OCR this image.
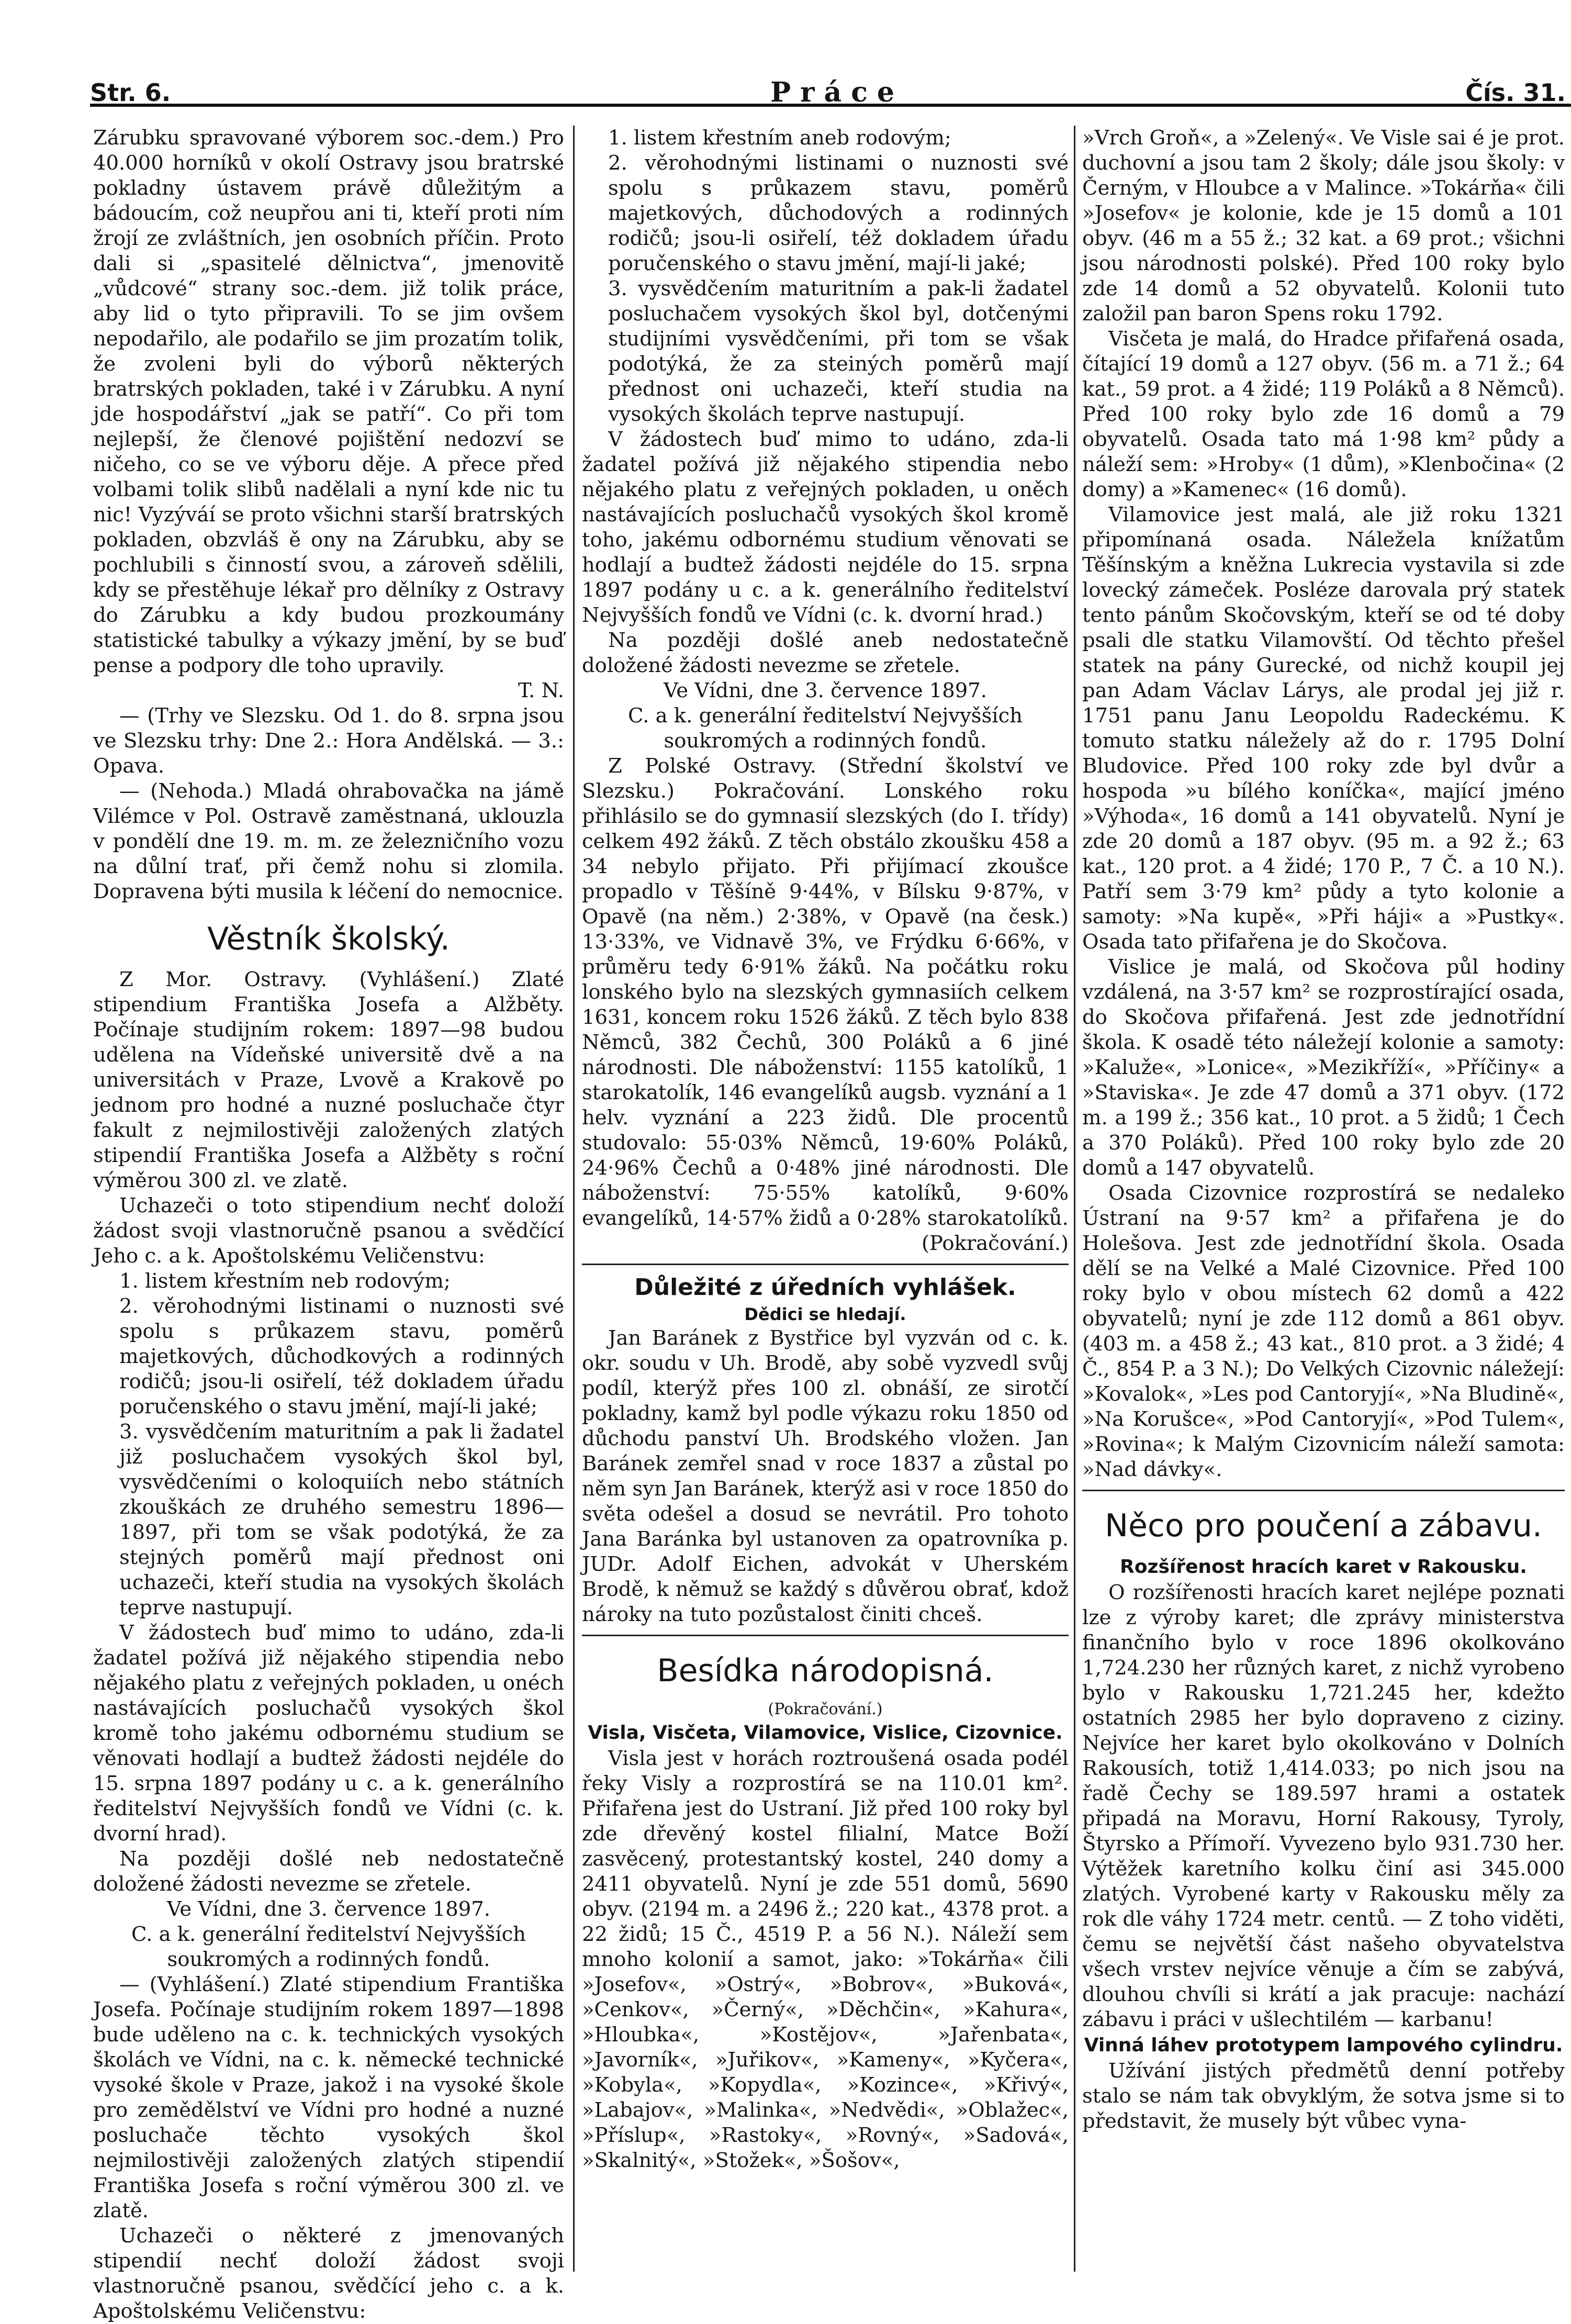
Str. 6.	Práce	Čís. 31.

Zárubku spravované výborem soc.-dem.) Pro 40.000 horníků v okolí Ostravy jsou bratrské pokladny ústavem právě důležitým a bádoucím, což neupřou ani ti, kteří proti ním žrojí ze zvláštních, jen osobních příčin. Proto dali si „spasitelé dělnictva“, jmenovitě „vůdcové“ strany soc.-dem. již tolik práce, aby lid o tyto připravili. To se jim ovšem nepodařilo, ale podařilo se jim prozatím tolik, že zvoleni byli do výborů některých bratrských pokladen, také i v Zárubku. A nyní jde hospodářství „jak se patří“. Co při tom nejlepší, že členové pojištění nedozví se ničeho, co se ve výboru děje. A přece před volbami tolik slibů nadělali a nyní kde nic tu nic! Vyzýváí se proto všichni starší bratrských pokladen, obzvláš ě ony na Zárubku, aby se pochlubili s činností svou, a zároveň sdělili, kdy se přestěhuje lékař pro dělníky z Ostravy do Zárubku a kdy budou prozkoumány statistické tabulky a výkazy jmění, by se buď pense a podpory dle toho upravily.

T. N.

— (Trhy ve Slezsku. Od 1. do 8. srpna jsou ve Slezsku trhy: Dne 2.: Hora Andělská. — 3.: Opava.

— (Nehoda.) Mladá ohrabovačka na jámě Vilémce v Pol. Ostravě zaměstnaná, uklouzla v pondělí dne 19. m. m. ze železničního vozu na důlní trať, při čemž nohu si zlomila. Dopravena býti musila k léčení do nemocnice.

Věstník školský.

Z Mor. Ostravy. (Vyhlášení.) Zlaté stipendium Františka Josefa a Alžběty. Počínaje studijním rokem: 1897—98 budou udělena na Vídeňské universitě dvě a na universitách v Praze, Lvově a Krakově po jednom pro hodné a nuzné posluchače čtyr fakult z nejmilostivěji založených zlatých stipendií Františka Josefa a Alžběty s roční výměrou 300 zl. ve zlatě.

Uchazeči o toto stipendium nechť doloží žádost svoji vlastnoručně psanou a svědčící Jeho c. a k. Apoštolskému Veličenstvu:

1. listem křestním neb rodovým;
2. věrohodnými listinami o nuznosti své spolu s průkazem stavu, poměrů majetkových, důchodkových a rodinných rodičů; jsou-li osiřelí, též dokladem úřadu poručenského o stavu jmění, mají-li jaké;
3. vysvědčením maturitním a pak li žadatel již posluchačem vysokých škol byl, vysvědčeními o koloquiích nebo státních zkouškách ze druhého semestru 1896—1897, při tom se však podotýká, že za stejných poměrů mají přednost oni uchazeči, kteří studia na vysokých školách teprve nastupují.

V žádostech buď mimo to udáno, zda-li žadatel požívá již nějakého stipendia nebo nějakého platu z veřejných pokladen, u onéch nastávajících posluchačů vysokých škol kromě toho jakému odbornému studium se věnovati hodlají a budtež žádosti nejdéle do 15. srpna 1897 podány u c. a k. generálního ředitelství Nejvyšších fondů ve Vídni (c. k. dvorní hrad).

Na později došlé neb nedostatečně doložené žádosti nevezme se zřetele.

Ve Vídni, dne 3. července 1897.

C. a k. generální ředitelství Nejvyšších soukromých a rodinných fondů.

— (Vyhlášení.) Zlaté stipendium Františka Josefa. Počínaje studijním rokem 1897—1898 bude uděleno na c. k. technických vysokých školách ve Vídni, na c. k. německé technické vysoké škole v Praze, jakož i na vysoké škole pro zemědělství ve Vídni pro hodné a nuzné posluchače těchto vysokých škol nejmilostivěji založených zlatých stipendií Františka Josefa s roční výměrou 300 zl. ve zlatě.

Uchazeči o některé z jmenovaných stipendií nechť doloží žádost svoji vlastnoručně psanou, svědčící jeho c. a k. Apoštolskému Veličenstvu:

1. listem křestním aneb rodovým;
2. věrohodnými listinami o nuznosti své spolu s průkazem stavu, poměrů majetkových, důchodových a rodinných rodičů; jsou-li osiřelí, též dokladem úřadu poručenského o stavu jmění, mají-li jaké;
3. vysvědčením maturitním a pak-li žadatel posluchačem vysokých škol byl, dotčenými studijními vysvědčeními, při tom se však podotýká, že za steiných poměrů mají přednost oni uchazeči, kteří studia na vysokých školách teprve nastupují.

V žádostech buď mimo to udáno, zda-li žadatel požívá již nějakého stipendia nebo nějakého platu z veřejných pokladen, u oněch nastávajících posluchačů vysokých škol kromě toho, jakému odbornému studium věnovati se hodlají a budtež žádosti nejdéle do 15. srpna 1897 podány u c. a k. generálního ředitelství Nejvyšších fondů ve Vídni (c. k. dvorní hrad.)

Na později došlé aneb nedostatečně doložené žádosti nevezme se zřetele.

Ve Vídni, dne 3. července 1897.

C. a k. generální ředitelství Nejvyšších soukromých a rodinných fondů.

Z Polské Ostravy. (Střední školství ve Slezsku.) Pokračování. Lonského roku přihlásilo se do gymnasií slezských (do I. třídy) celkem 492 žáků. Z těch obstálo zkoušku 458 a 34 nebylo přijato. Při přijímací zkoušce propadlo v Těšíně 9·44%, v Bílsku 9·87%, v Opavě (na něm.) 2·38%, v Opavě (na česk.) 13·33%, ve Vidnavě 3%, ve Frýdku 6·66%, v průměru tedy 6·91% žáků. Na počátku roku lonského bylo na slezských gymnasiích celkem 1631, koncem roku 1526 žáků. Z těch bylo 838 Němců, 382 Čechů, 300 Poláků a 6 jiné národnosti. Dle náboženství: 1155 katolíků, 1 starokatolík, 146 evangelíků augsb. vyznání a 1 helv. vyznání a 223 židů. Dle procentů studovalo: 55·03% Němců, 19·60% Poláků, 24·96% Čechů a 0·48% jiné národnosti. Dle náboženství: 75·55% katolíků, 9·60% evangelíků, 14·57% židů a 0·28% starokatolíků.

(Pokračování.)

Důležité z úředních vyhlášek.
Dědici se hledají.

Jan Baránek z Bystřice byl vyzván od c. k. okr. soudu v Uh. Brodě, aby sobě vyzvedl svůj podíl, kterýž přes 100 zl. obnáší, ze sirotčí pokladny, kamž byl podle výkazu roku 1850 od důchodu panství Uh. Brodského vložen. Jan Baránek zemřel snad v roce 1837 a zůstal po něm syn Jan Baránek, kterýž asi v roce 1850 do světa odešel a dosud se nevrátil. Pro tohoto Jana Baránka byl ustanoven za opatrovníka p. JUDr. Adolf Eichen, advokát v Uherském Brodě, k němuž se každý s důvěrou obrať, kdož nároky na tuto pozůstalost činiti chceš.

Besídka národopisná.
(Pokračování.)
Visla, Visčeta, Vilamovice, Vislice, Cizovnice.

Visla jest v horách roztroušená osada podél řeky Visly a rozprostírá se na 110.01 km². Přifařena jest do Ustraní. Již před 100 roky byl zde dřevěný kostel filialní, Matce Boží zasvěcený, protestantský kostel, 240 domy a 2411 obyvatelů. Nyní je zde 551 domů, 5690 obyv. (2194 m. a 2496 ž.; 220 kat., 4378 prot. a 22 židů; 15 Č., 4519 P. a 56 N.). Náleží sem mnoho kolonií a samot, jako: »Tokárňa« čili »Josefov«, »Ostrý«, »Bobrov«, »Buková«, »Cenkov«, »Černý«, »Děchčin«, »Kahura«, »Hloubka«, »Kostějov«, »Jařenbata«, »Javorník«, »Juřikov«, »Kameny«, »Kyčera«, »Kobyla«, »Kopydla«, »Kozince«, »Křivý«, »Labajov«, »Malinka«, »Nedvědi«, »Oblažec«, »Příslup«, »Rastoky«, »Rovný«, »Sadová«, »Skalnitý«, »Stožek«, »Šošov«,

»Vrch Groň«, a »Zelený«. Ve Visle sai é je prot. duchovní a jsou tam 2 školy; dále jsou školy: v Černým, v Hloubce a v Malince. »Tokárňa« čili »Josefov« je kolonie, kde je 15 domů a 101 obyv. (46 m a 55 ž.; 32 kat. a 69 prot.; všichni jsou národnosti polské). Před 100 roky bylo zde 14 domů a 52 obyvatelů. Kolonii tuto založil pan baron Spens roku 1792.

Visčeta je malá, do Hradce přifařená osada, čítající 19 domů a 127 obyv. (56 m. a 71 ž.; 64 kat., 59 prot. a 4 židé; 119 Poláků a 8 Němců). Před 100 roky bylo zde 16 domů a 79 obyvatelů. Osada tato má 1·98 km² půdy a náleží sem: »Hroby« (1 dům), »Klenbočina« (2 domy) a »Kamenec« (16 domů).

Vilamovice jest malá, ale již roku 1321 připomínaná osada. Náležela knížatům Těšínským a kněžna Lukrecia vystavila si zde lovecký zámeček. Posléze darovala prý statek tento pánům Skočovským, kteří se od té doby psali dle statku Vilamovští. Od těchto přešel statek na pány Gurecké, od nichž koupil jej pan Adam Václav Lárys, ale prodal jej již r. 1751 panu Janu Leopoldu Radeckému. K tomuto statku náležely až do r. 1795 Dolní Bludovice. Před 100 roky zde byl dvůr a hospoda »u bílého koníčka«, mající jméno »Výhoda«, 16 domů a 141 obyvatelů. Nyní je zde 20 domů a 187 obyv. (95 m. a 92 ž.; 63 kat., 120 prot. a 4 židé; 170 P., 7 Č. a 10 N.). Patří sem 3·79 km² půdy a tyto kolonie a samoty: »Na kupě«, »Při háji« a »Pustky«. Osada tato přifařena je do Skočova.

Vislice je malá, od Skočova půl hodiny vzdálená, na 3·57 km² se rozprostírající osada, do Skočova přifařená. Jest zde jednotřídní škola. K osadě této náležejí kolonie a samoty: »Kaluže«, »Lonice«, »Mezikříží«, »Příčiny« a »Staviska«. Je zde 47 domů a 371 obyv. (172 m. a 199 ž.; 356 kat., 10 prot. a 5 židů; 1 Čech a 370 Poláků). Před 100 roky bylo zde 20 domů a 147 obyvatelů.

Osada Cizovnice rozprostírá se nedaleko Ústraní na 9·57 km² a přifařena je do Holešova. Jest zde jednotřídní škola. Osada dělí se na Velké a Malé Cizovnice. Před 100 roky bylo v obou místech 62 domů a 422 obyvatelů; nyní je zde 112 domů a 861 obyv. (403 m. a 458 ž.; 43 kat., 810 prot. a 3 židé; 4 Č., 854 P. a 3 N.); Do Velkých Cizovnic náležejí: »Kovalok«, »Les pod Cantoryjí«, »Na Bludině«, »Na Korušce«, »Pod Cantoryjí«, »Pod Tulem«, »Rovina«; k Malým Cizovnicím náleží samota: »Nad dávky«.

Něco pro poučení a zábavu.
Rozšířenost hracích karet v Rakousku.

O rozšířenosti hracích karet nejlépe poznati lze z výroby karet; dle zprávy ministerstva finančního bylo v roce 1896 okolkováno 1,724.230 her různých karet, z nichž vyrobeno bylo v Rakousku 1,721.245 her, kdežto ostatních 2985 her bylo dopraveno z ciziny. Nejvíce her karet bylo okolkováno v Dolních Rakousích, totiž 1,414.033; po nich jsou na řadě Čechy se 189.597 hrami a ostatek připadá na Moravu, Horní Rakousy, Tyroly, Štyrsko a Přímoří. Vyvezeno bylo 931.730 her. Výtěžek karetního kolku činí asi 345.000 zlatých. Vyrobené karty v Rakousku měly za rok dle váhy 1724 metr. centů. — Z toho viděti, čemu se největší část našeho obyvatelstva všech vrstev nejvíce věnuje a čím se zabývá, dlouhou chvíli si krátí a jak pracuje: nachází zábavu i práci v ušlechtilém — karbanu!

Vinná láhev prototypem lampového cylindru.

Užívání jistých předmětů denní potřeby stalo se nám tak obvyklým, že sotva jsme si to představit, že musely být vůbec vyna-
